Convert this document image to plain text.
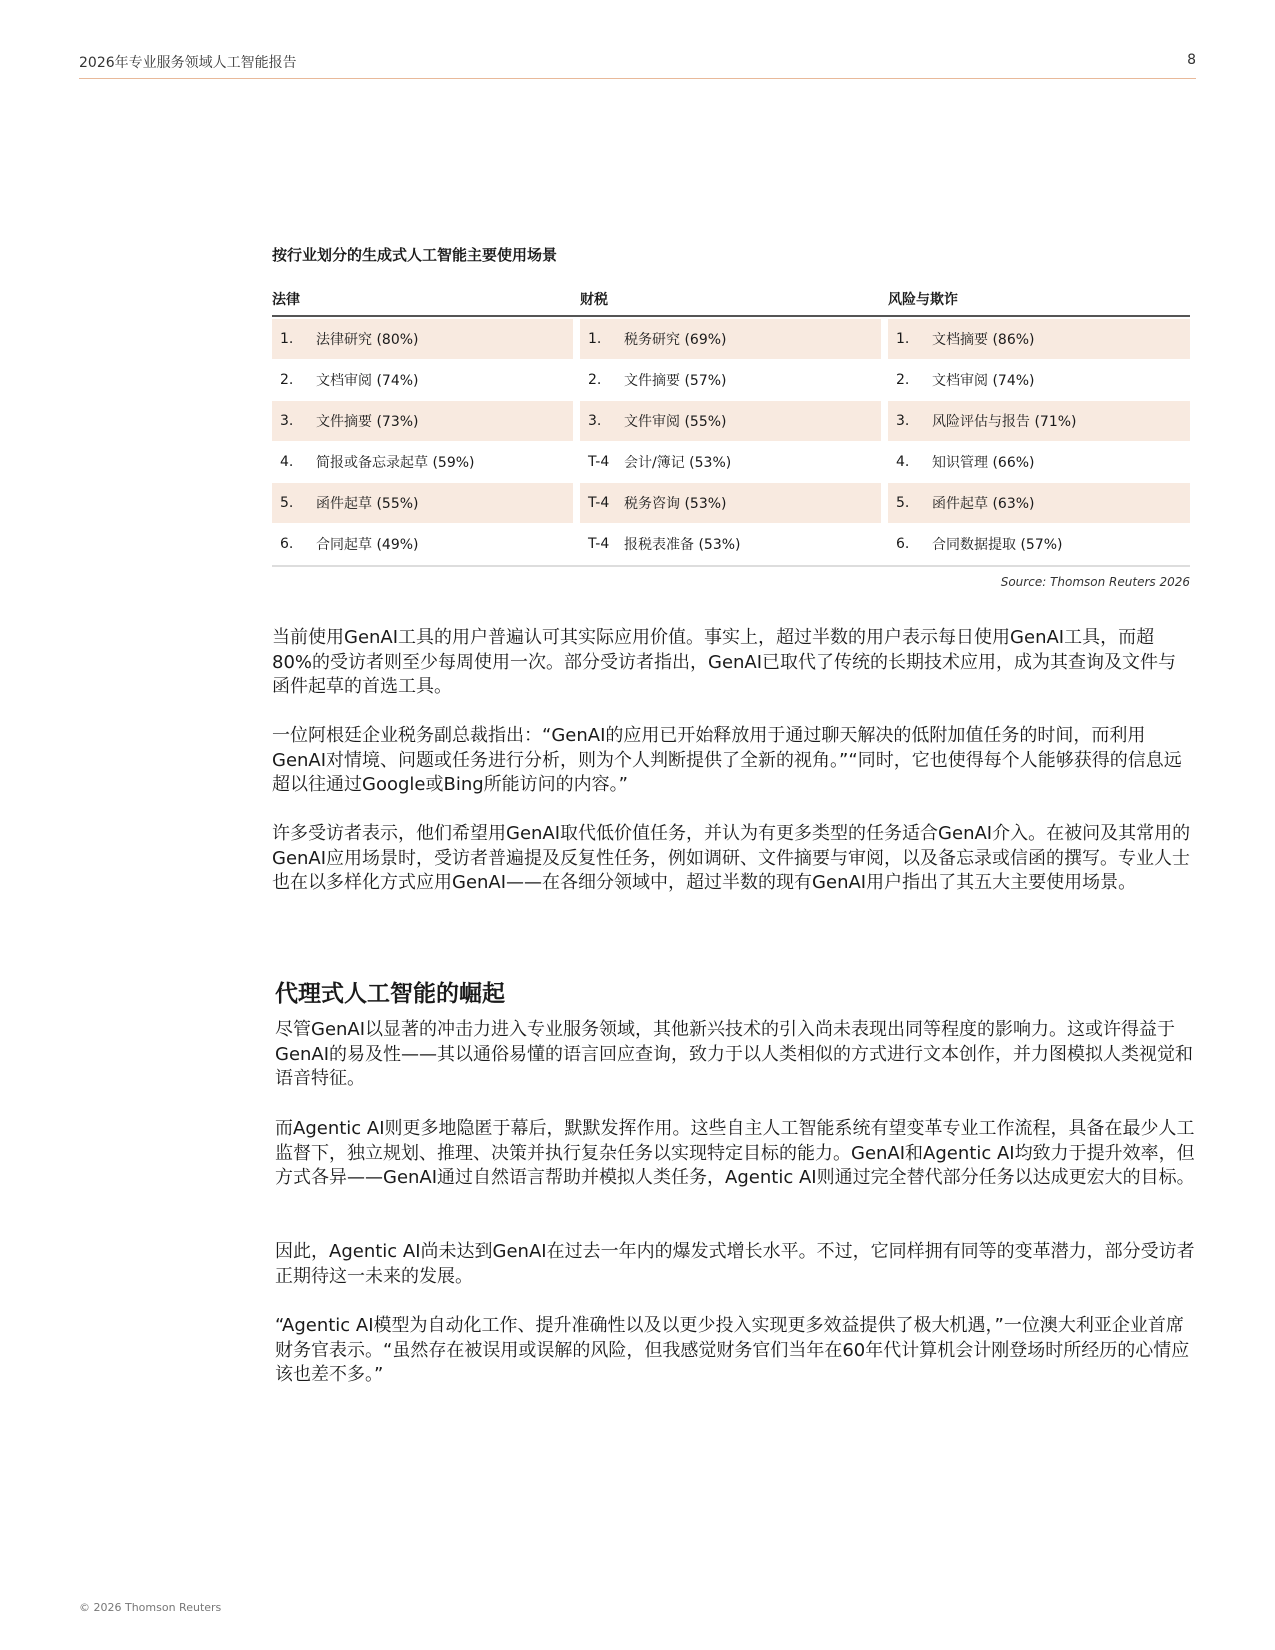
2026年专业服务领域人工智能报告	8
按行业划分的生成式人工智能主要使用场景
法律	财税	风险与欺诈
1.	法律研究 (80%)	1.	税务研究 (69%)	1.	文档摘要 (86%)
2.	文档审阅 (74%)	2.	文件摘要 (57%)	2.	文档审阅 (74%)
3.	文件摘要 (73%)	3.	文件审阅 (55%)	3.	风险评估与报告 (71%)
4.	简报或备忘录起草 (59%)	T-4	会计/簿记 (53%)	4.	知识管理 (66%)
5.	函件起草 (55%)	T-4	税务咨询 (53%)	5.	函件起草 (63%)
6.	合同起草 (49%)	T-4	报税表准备 (53%)	6.	合同数据提取 (57%)
Source: Thomson Reuters 2026

当前使用GenAI工具的用户普遍认可其实际应用价值。事实上，超过半数的用户表示每日使用GenAI工具，而超80%的受访者则至少每周使用一次。部分受访者指出，GenAI已取代了传统的长期技术应用，成为其查询及文件与函件起草的首选工具。

一位阿根廷企业税务副总裁指出：“GenAI的应用已开始释放用于通过聊天解决的低附加值任务的时间，而利用GenAI对情境、问题或任务进行分析，则为个人判断提供了全新的视角。”“同时，它也使得每个人能够获得的信息远超以往通过Google或Bing所能访问的内容。”

许多受访者表示，他们希望用GenAI取代低价值任务，并认为有更多类型的任务适合GenAI介入。在被问及其常用的GenAI应用场景时，受访者普遍提及反复性任务，例如调研、文件摘要与审阅，以及备忘录或信函的撰写。专业人士也在以多样化方式应用GenAI——在各细分领域中，超过半数的现有GenAI用户指出了其五大主要使用场景。

代理式人工智能的崛起

尽管GenAI以显著的冲击力进入专业服务领域，其他新兴技术的引入尚未表现出同等程度的影响力。这或许得益于GenAI的易及性——其以通俗易懂的语言回应查询，致力于以人类相似的方式进行文本创作，并力图模拟人类视觉和语音特征。

而Agentic AI则更多地隐匿于幕后，默默发挥作用。这些自主人工智能系统有望变革专业工作流程，具备在最少人工监督下，独立规划、推理、决策并执行复杂任务以实现特定目标的能力。GenAI和Agentic AI均致力于提升效率，但方式各异——GenAI通过自然语言帮助并模拟人类任务，Agentic AI则通过完全替代部分任务以达成更宏大的目标。

因此，Agentic AI尚未达到GenAI在过去一年内的爆发式增长水平。不过，它同样拥有同等的变革潜力，部分受访者正期待这一未来的发展。

“Agentic AI模型为自动化工作、提升准确性以及以更少投入实现更多效益提供了极大机遇，”一位澳大利亚企业首席财务官表示。“虽然存在被误用或误解的风险，但我感觉财务官们当年在60年代计算机会计刚登场时所经历的心情应该也差不多。”

© 2026 Thomson Reuters
